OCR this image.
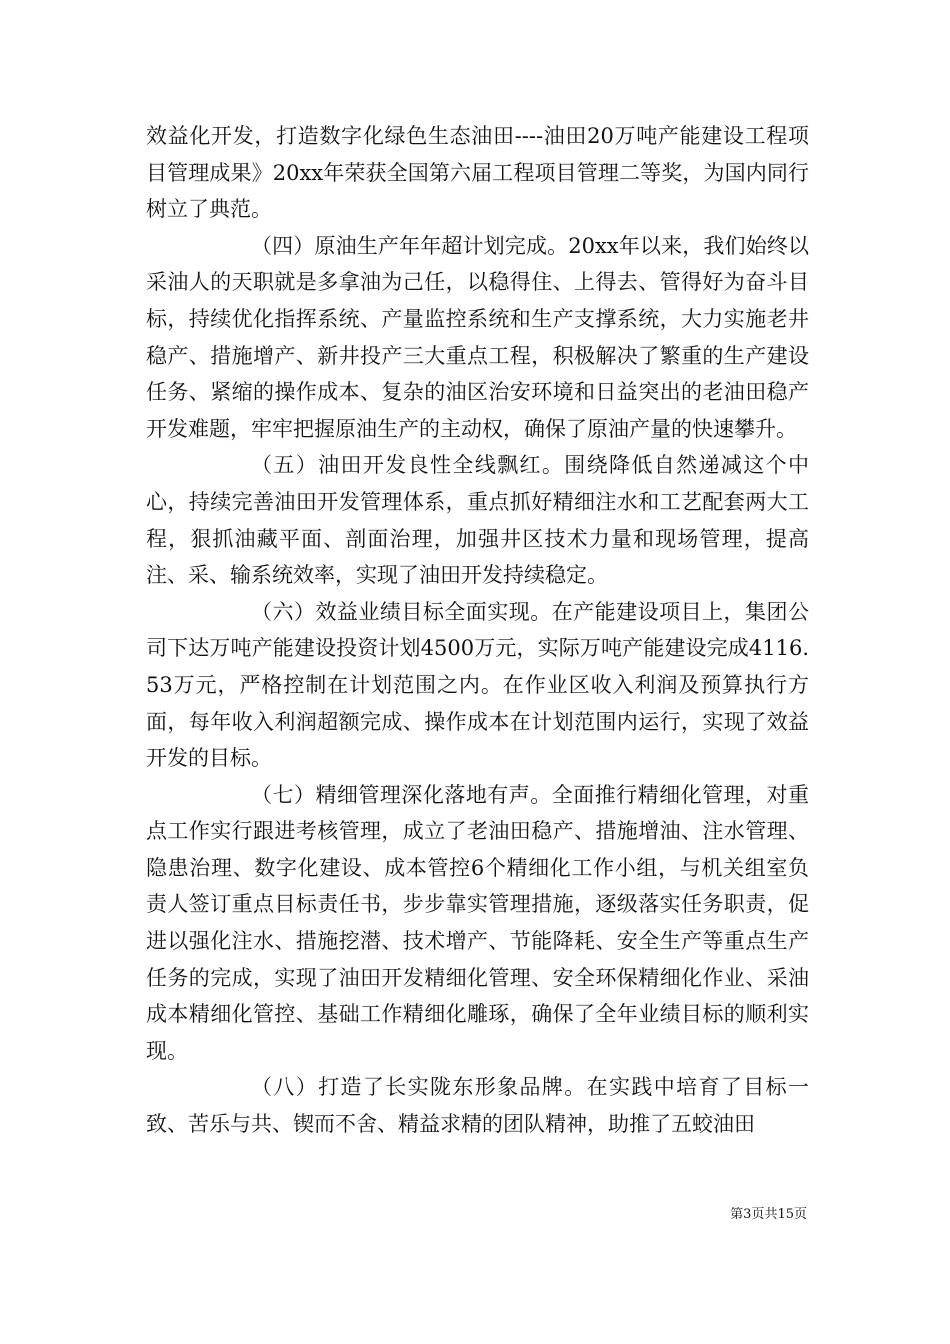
效益化开发，打造数字化绿色生态油田----油田20万吨产能建设工程项目管理成果》20xx年荣获全国第六届工程项目管理二等奖，为国内同行树立了典范。

（四）原油生产年年超计划完成。20xx年以来，我们始终以采油人的天职就是多拿油为己任，以稳得住、上得去、管得好为奋斗目标，持续优化指挥系统、产量监控系统和生产支撑系统，大力实施老井稳产、措施增产、新井投产三大重点工程，积极解决了繁重的生产建设任务、紧缩的操作成本、复杂的油区治安环境和日益突出的老油田稳产开发难题，牢牢把握原油生产的主动权，确保了原油产量的快速攀升。

（五）油田开发良性全线飘红。围绕降低自然递减这个中心，持续完善油田开发管理体系，重点抓好精细注水和工艺配套两大工程，狠抓油藏平面、剖面治理，加强井区技术力量和现场管理，提高注、采、输系统效率，实现了油田开发持续稳定。

（六）效益业绩目标全面实现。在产能建设项目上，集团公司下达万吨产能建设投资计划4500万元，实际万吨产能建设完成4116.53万元，严格控制在计划范围之内。在作业区收入利润及预算执行方面，每年收入利润超额完成、操作成本在计划范围内运行，实现了效益开发的目标。

（七）精细管理深化落地有声。全面推行精细化管理，对重点工作实行跟进考核管理，成立了老油田稳产、措施增油、注水管理、隐患治理、数字化建设、成本管控6个精细化工作小组，与机关组室负责人签订重点目标责任书，步步靠实管理措施，逐级落实任务职责，促进以强化注水、措施挖潜、技术增产、节能降耗、安全生产等重点生产任务的完成，实现了油田开发精细化管理、安全环保精细化作业、采油成本精细化管控、基础工作精细化雕琢，确保了全年业绩目标的顺利实现。

（八）打造了长实陇东形象品牌。在实践中培育了目标一致、苦乐与共、锲而不舍、精益求精的团队精神，助推了五蛟油田

第3页共15页
